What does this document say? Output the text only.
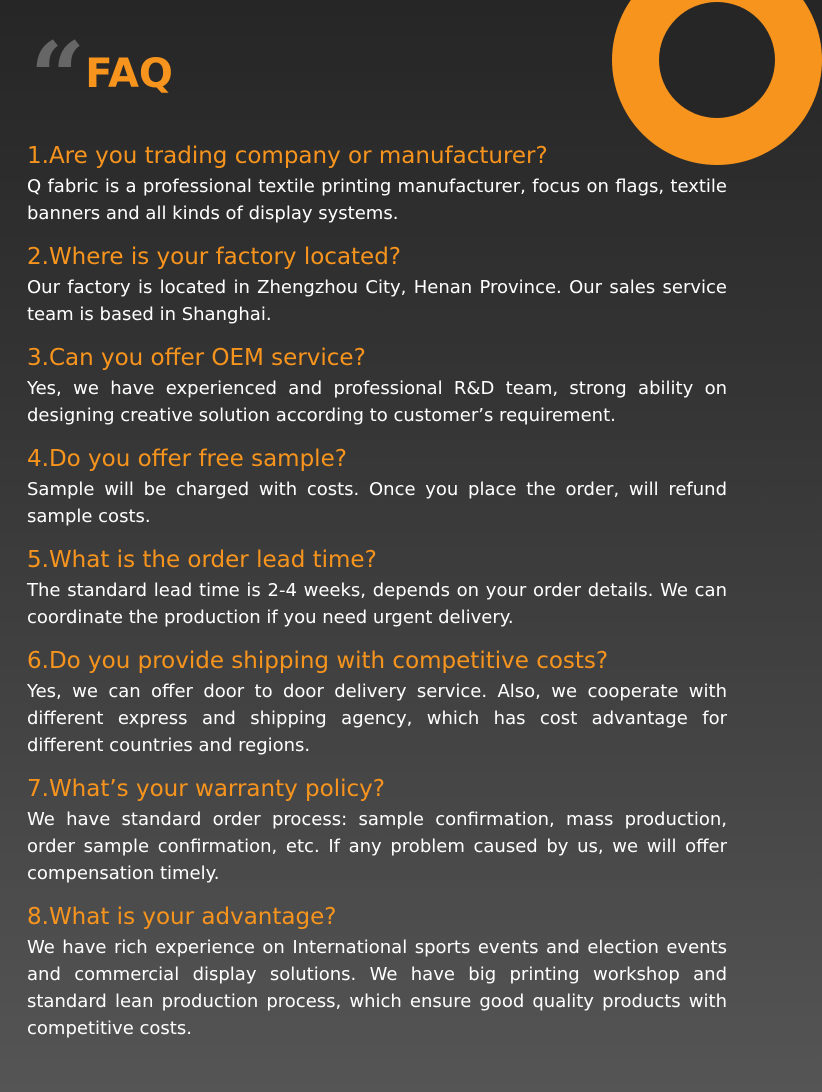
“ FAQ
1.Are you trading company or manufacturer?

Q fabric is a professional textile printing manufacturer, focus on flags, textile banners and all kinds of display systems.

2.Where is your factory located?

Our factory is located in Zhengzhou City, Henan Province. Our sales service team is based in Shanghai.

3.Can you offer OEM service?

Yes, we have experienced and professional R&D team, strong ability on designing creative solution according to customer’s requirement.

4.Do you offer free sample?

Sample will be charged with costs. Once you place the order, will refund sample costs.

5.What is the order lead time?

The standard lead time is 2-4 weeks, depends on your order details. We can coordinate the production if you need urgent delivery.

6.Do you provide shipping with competitive costs?

Yes, we can offer door to door delivery service. Also, we cooperate with different express and shipping agency, which has cost advantage for different countries and regions.

7.What’s your warranty policy?

We have standard order process: sample confirmation, mass production, order sample confirmation, etc. If any problem caused by us, we will offer compensation timely.

8.What is your advantage?

We have rich experience on International sports events and election events and commercial display solutions. We have big printing workshop and standard lean production process, which ensure good quality products with competitive costs.
